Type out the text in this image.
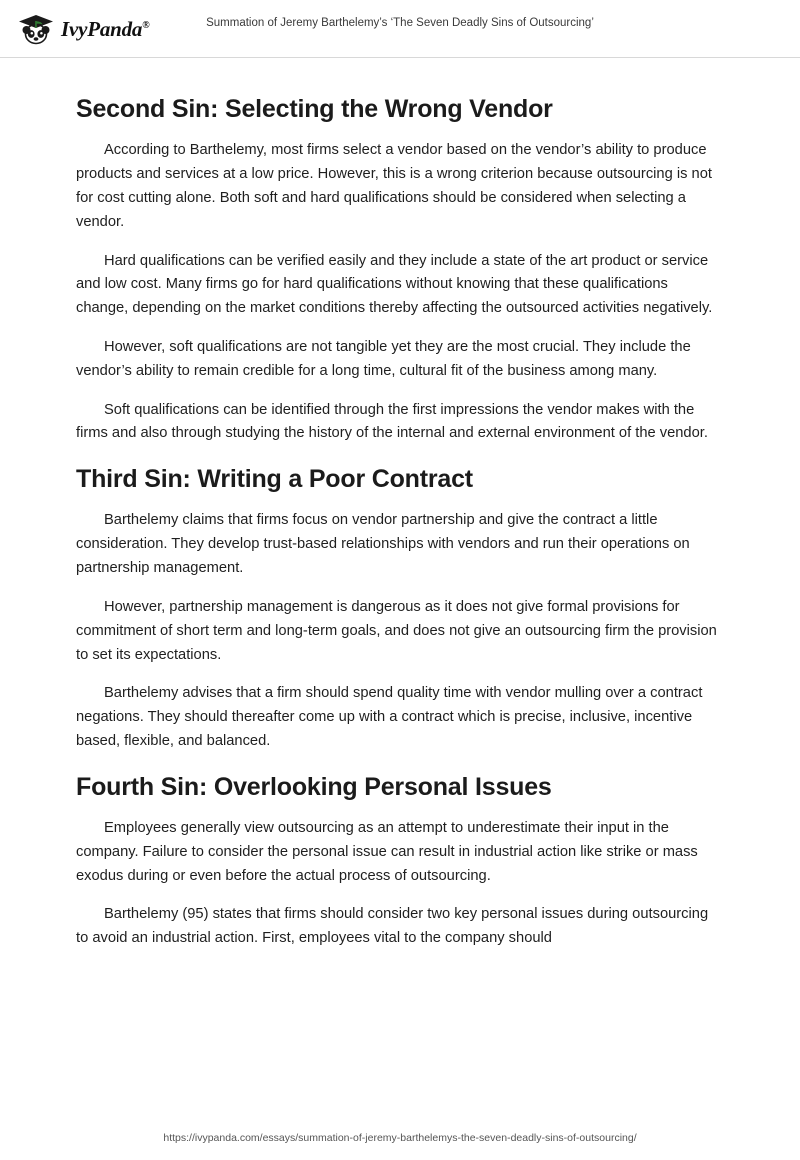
IvyPanda®	Summation of Jeremy Barthelemy’s ‘The Seven Deadly Sins of Outsourcing’
Second Sin: Selecting the Wrong Vendor

According to Barthelemy, most firms select a vendor based on the vendor’s ability to produce products and services at a low price. However, this is a wrong criterion because outsourcing is not for cost cutting alone. Both soft and hard qualifications should be considered when selecting a vendor.

Hard qualifications can be verified easily and they include a state of the art product or service and low cost. Many firms go for hard qualifications without knowing that these qualifications change, depending on the market conditions thereby affecting the outsourced activities negatively.

However, soft qualifications are not tangible yet they are the most crucial. They include the vendor’s ability to remain credible for a long time, cultural fit of the business among many.

Soft qualifications can be identified through the first impressions the vendor makes with the firms and also through studying the history of the internal and external environment of the vendor.

Third Sin: Writing a Poor Contract

Barthelemy claims that firms focus on vendor partnership and give the contract a little consideration. They develop trust-based relationships with vendors and run their operations on partnership management.

However, partnership management is dangerous as it does not give formal provisions for commitment of short term and long-term goals, and does not give an outsourcing firm the provision to set its expectations.

Barthelemy advises that a firm should spend quality time with vendor mulling over a contract negations. They should thereafter come up with a contract which is precise, inclusive, incentive based, flexible, and balanced.

Fourth Sin: Overlooking Personal Issues

Employees generally view outsourcing as an attempt to underestimate their input in the company. Failure to consider the personal issue can result in industrial action like strike or mass exodus during or even before the actual process of outsourcing.

Barthelemy (95) states that firms should consider two key personal issues during outsourcing to avoid an industrial action. First, employees vital to the company should

https://ivypanda.com/essays/summation-of-jeremy-barthelemys-the-seven-deadly-sins-of-outsourcing/
